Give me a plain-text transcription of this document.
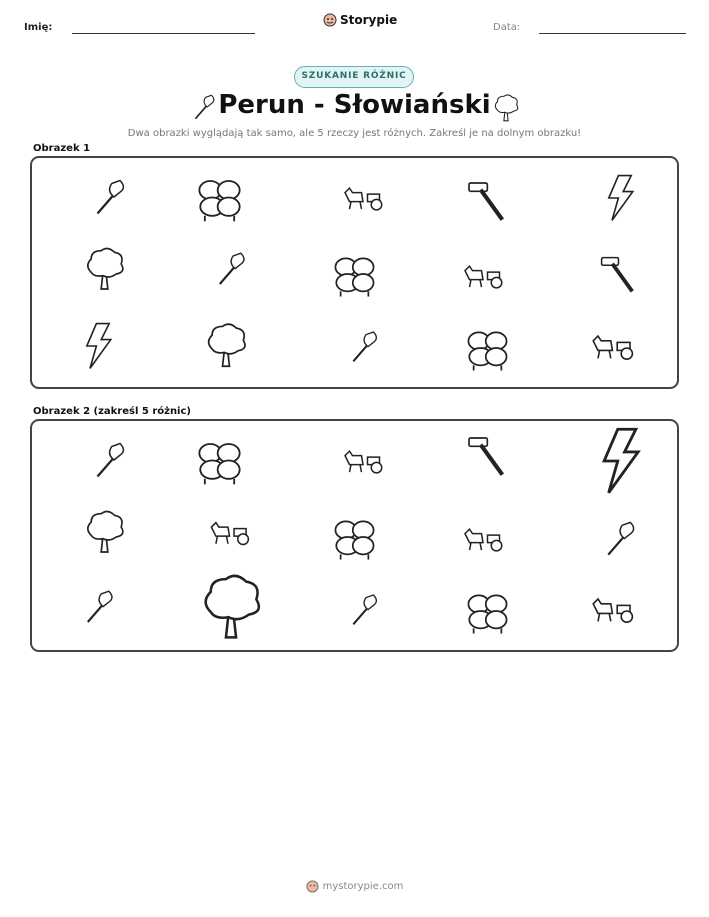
Imię:
Storypie
Data:
SZUKANIE RÓŻNIC
Perun - Słowiański
Dwa obrazki wyglądają tak samo, ale 5 rzeczy jest różnych. Zakreśl je na dolnym obrazku!
Obrazek 1
Obrazek 2 (zakreśl 5 różnic)
mystorypie.com
